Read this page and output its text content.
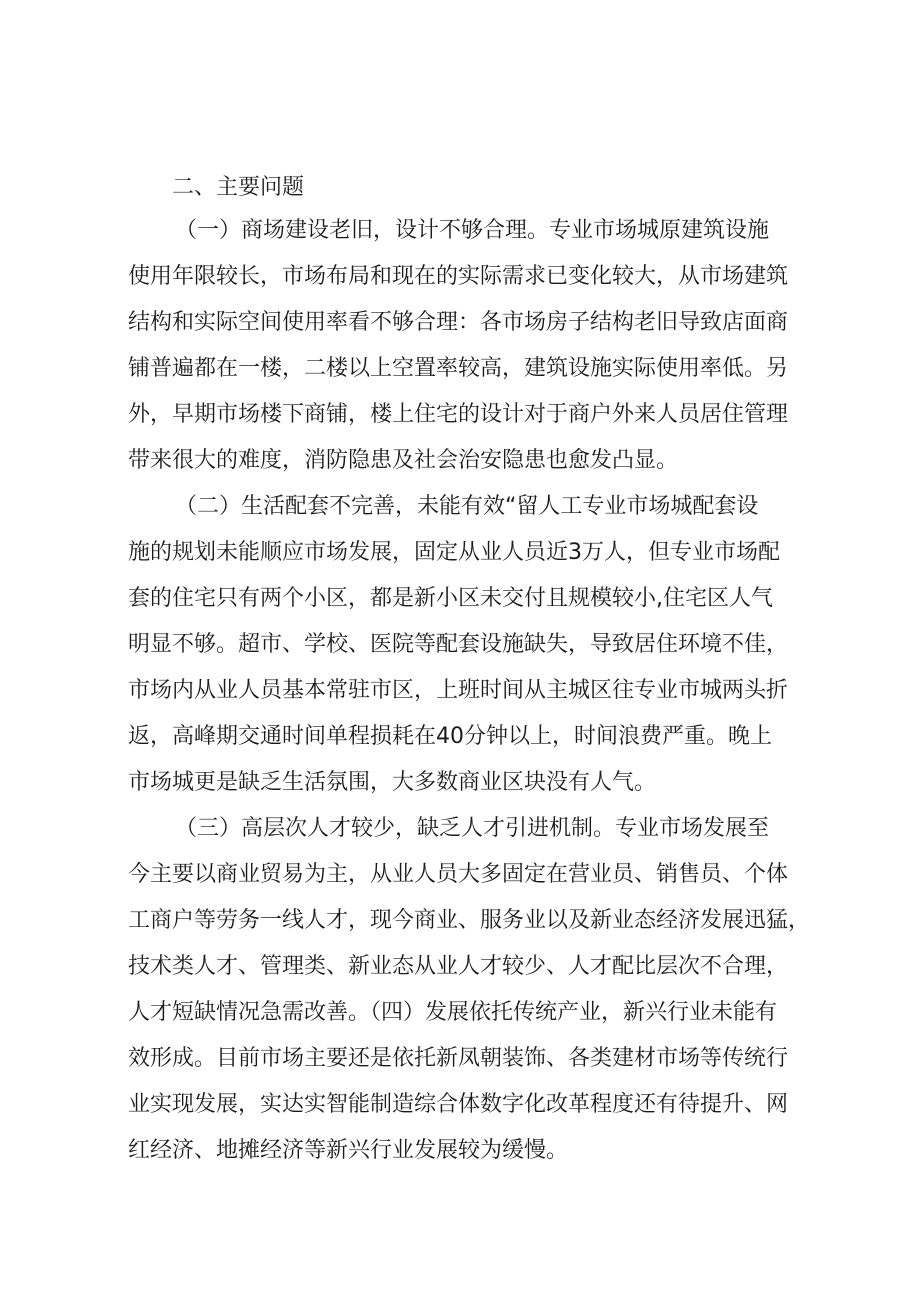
二、主要问题
（一）商场建设老旧，设计不够合理。专业市场城原建筑设施
使用年限较长，市场布局和现在的实际需求已变化较大，从市场建筑
结构和实际空间使用率看不够合理：各市场房子结构老旧导致店面商
铺普遍都在一楼，二楼以上空置率较高，建筑设施实际使用率低。另
外，早期市场楼下商铺，楼上住宅的设计对于商户外来人员居住管理
带来很大的难度，消防隐患及社会治安隐患也愈发凸显。
（二）生活配套不完善，未能有效“留人工专业市场城配套设
施的规划未能顺应市场发展，固定从业人员近3万人，但专业市场配
套的住宅只有两个小区，都是新小区未交付且规模较小,住宅区人气
明显不够。超市、学校、医院等配套设施缺失，导致居住环境不佳，
市场内从业人员基本常驻市区，上班时间从主城区往专业市城两头折
返，高峰期交通时间单程损耗在40分钟以上，时间浪费严重。晚上
市场城更是缺乏生活氛围，大多数商业区块没有人气。
（三）高层次人才较少，缺乏人才引进机制。专业市场发展至
今主要以商业贸易为主，从业人员大多固定在营业员、销售员、个体
工商户等劳务一线人才，现今商业、服务业以及新业态经济发展迅猛，
技术类人才、管理类、新业态从业人才较少、人才配比层次不合理，
人才短缺情况急需改善。（四）发展依托传统产业，新兴行业未能有
效形成。目前市场主要还是依托新凤朝装饰、各类建材市场等传统行
业实现发展，实达实智能制造综合体数字化改革程度还有待提升、网
红经济、地摊经济等新兴行业发展较为缓慢。
